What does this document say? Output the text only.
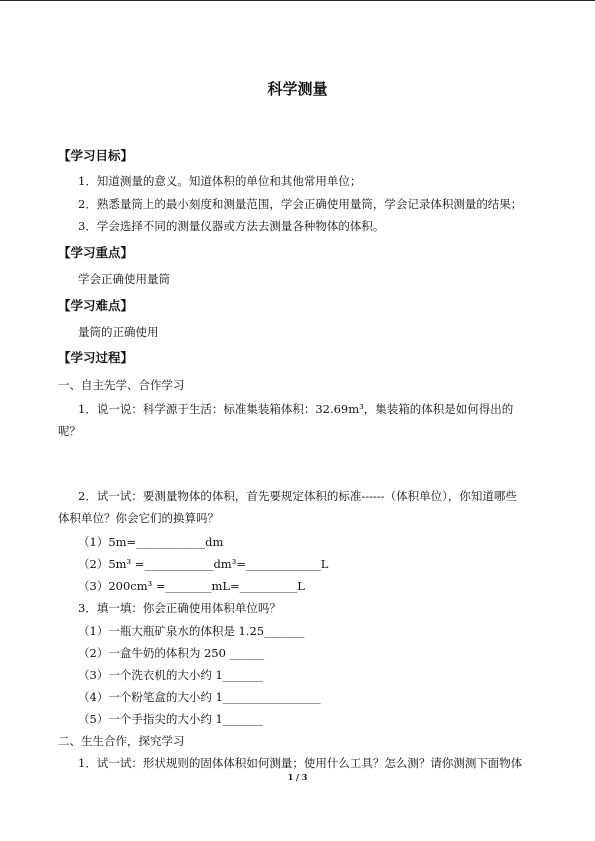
科学测量
【学习目标】
1．知道测量的意义。知道体积的单位和其他常用单位；
2．熟悉量筒上的最小刻度和测量范围，学会正确使用量筒，学会记录体积测量的结果；
3．学会选择不同的测量仪器或方法去测量各种物体的体积。
【学习重点】
学会正确使用量筒
【学习难点】
量筒的正确使用
【学习过程】
一、自主先学、合作学习
1．说一说：科学源于生活：标准集装箱体积：32.69m³，集装箱的体积是如何得出的
呢？
2．试一试：要测量物体的体积，首先要规定体积的标准------（体积单位），你知道哪些
体积单位？你会它们的换算吗？
（1）5m=____________dm
（2）5m³ =____________dm³=_____________L
（3）200cm³ =________mL=__________L
3．填一填：你会正确使用体积单位吗？
（1）一瓶大瓶矿泉水的体积是 1.25_______
（2）一盒牛奶的体积为 250 ______
（3）一个洗衣机的大小约 1_______
（4）一个粉笔盒的大小约 1_________________
（5）一个手指尖的大小约 1_______
二、生生合作，探究学习
1．试一试：形状规则的固体体积如何测量；使用什么工具？怎么测？请你测测下面物体
1 / 3
